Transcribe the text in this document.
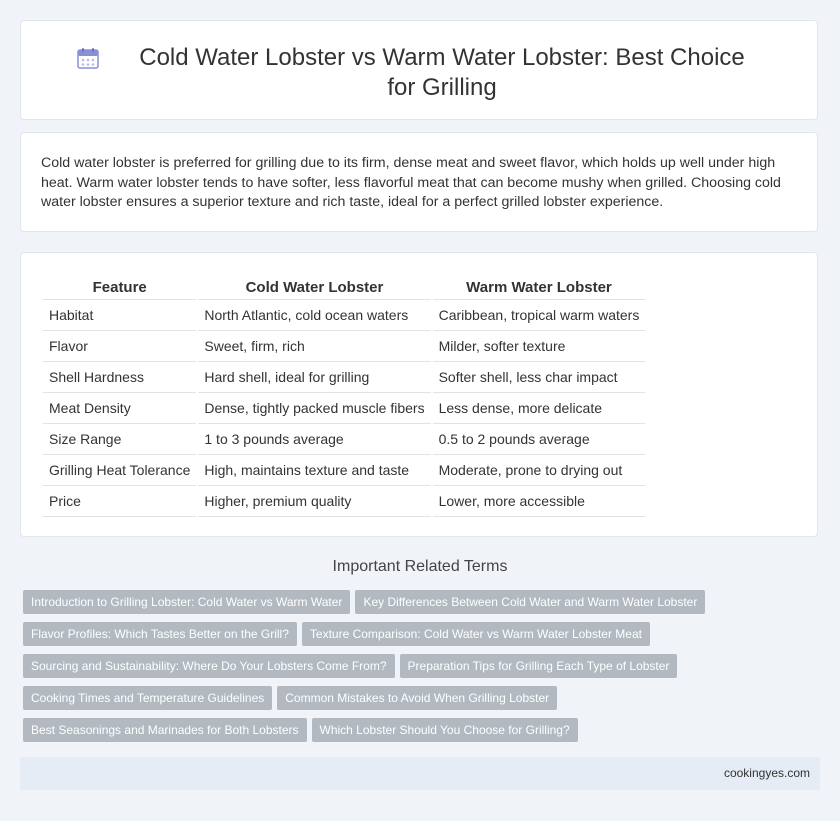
Cold Water Lobster vs Warm Water Lobster: Best Choice for Grilling

Cold water lobster is preferred for grilling due to its firm, dense meat and sweet flavor, which holds up well under high heat. Warm water lobster tends to have softer, less flavorful meat that can become mushy when grilled. Choosing cold water lobster ensures a superior texture and rich taste, ideal for a perfect grilled lobster experience.

Feature	Cold Water Lobster	Warm Water Lobster
Habitat	North Atlantic, cold ocean waters	Caribbean, tropical warm waters
Flavor	Sweet, firm, rich	Milder, softer texture
Shell Hardness	Hard shell, ideal for grilling	Softer shell, less char impact
Meat Density	Dense, tightly packed muscle fibers	Less dense, more delicate
Size Range	1 to 3 pounds average	0.5 to 2 pounds average
Grilling Heat Tolerance	High, maintains texture and taste	Moderate, prone to drying out
Price	Higher, premium quality	Lower, more accessible
Important Related Terms
Introduction to Grilling Lobster: Cold Water vs Warm Water Key Differences Between Cold Water and Warm Water Lobster
Flavor Profiles: Which Tastes Better on the Grill? Texture Comparison: Cold Water vs Warm Water Lobster Meat
Sourcing and Sustainability: Where Do Your Lobsters Come From? Preparation Tips for Grilling Each Type of Lobster
Cooking Times and Temperature Guidelines Common Mistakes to Avoid When Grilling Lobster
Best Seasonings and Marinades for Both Lobsters Which Lobster Should You Choose for Grilling?
cookingyes.com
